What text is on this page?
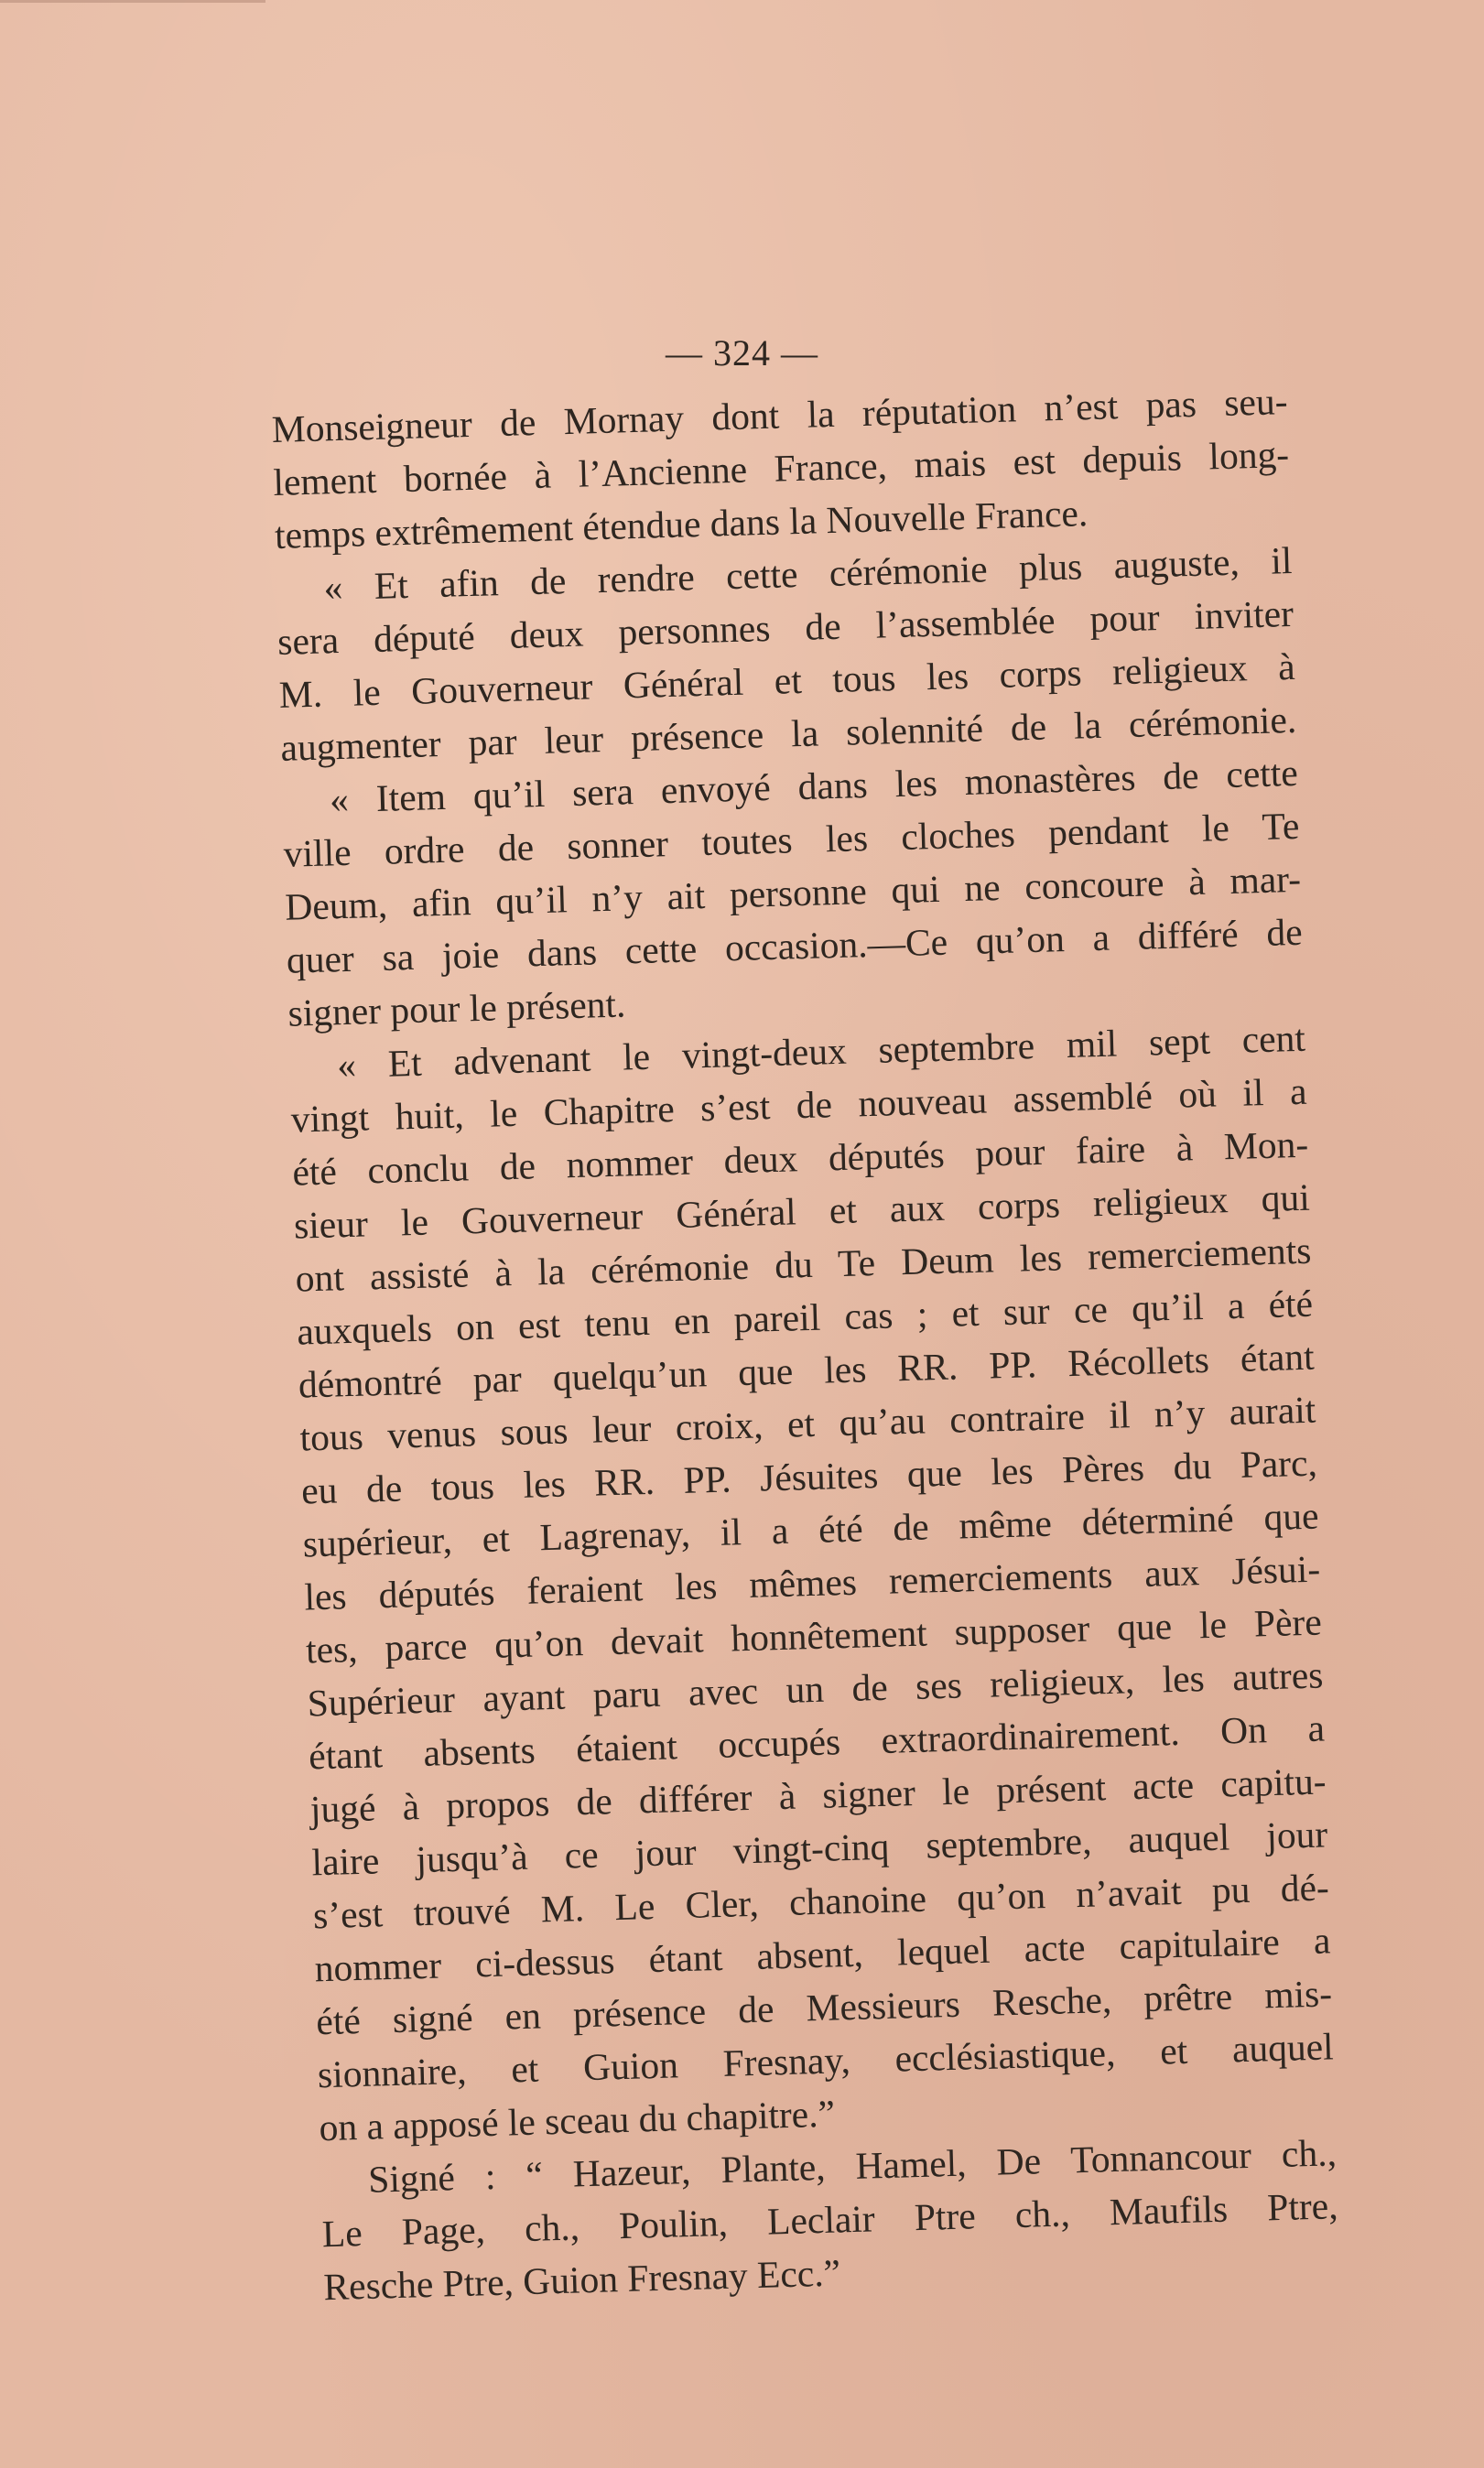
— 324 —
Monseigneur de Mornay dont la réputation n’est pas seu-
lement bornée à l’Ancienne France, mais est depuis long-
temps extrêmement étendue dans la Nouvelle France.
« Et afin de rendre cette cérémonie plus auguste, il
sera député deux personnes de l’assemblée pour inviter
M. le Gouverneur Général et tous les corps religieux à
augmenter par leur présence la solennité de la cérémonie.
« Item qu’il sera envoyé dans les monastères de cette
ville ordre de sonner toutes les cloches pendant le Te
Deum, afin qu’il n’y ait personne qui ne concoure à mar-
quer sa joie dans cette occasion.—Ce qu’on a différé de
signer pour le présent.
« Et advenant le vingt-deux septembre mil sept cent
vingt huit, le Chapitre s’est de nouveau assemblé où il a
été conclu de nommer deux députés pour faire à Mon-
sieur le Gouverneur Général et aux corps religieux qui
ont assisté à la cérémonie du Te Deum les remerciements
auxquels on est tenu en pareil cas ; et sur ce qu’il a été
démontré par quelqu’un que les RR. PP. Récollets étant
tous venus sous leur croix, et qu’au contraire il n’y aurait
eu de tous les RR. PP. Jésuites que les Pères du Parc,
supérieur, et Lagrenay, il a été de même déterminé que
les députés feraient les mêmes remerciements aux Jésui-
tes, parce qu’on devait honnêtement supposer que le Père
Supérieur ayant paru avec un de ses religieux, les autres
étant absents étaient occupés extraordinairement. On a
jugé à propos de différer à signer le présent acte capitu-
laire jusqu’à ce jour vingt-cinq septembre, auquel jour
s’est trouvé M. Le Cler, chanoine qu’on n’avait pu dé-
nommer ci-dessus étant absent, lequel acte capitulaire a
été signé en présence de Messieurs Resche, prêtre mis-
sionnaire, et Guion Fresnay, ecclésiastique, et auquel
on a apposé le sceau du chapitre.”
Signé : “ Hazeur, Plante, Hamel, De Tonnancour ch.,
Le Page, ch., Poulin, Leclair Ptre ch., Maufils Ptre,
Resche Ptre, Guion Fresnay Ecc.”
